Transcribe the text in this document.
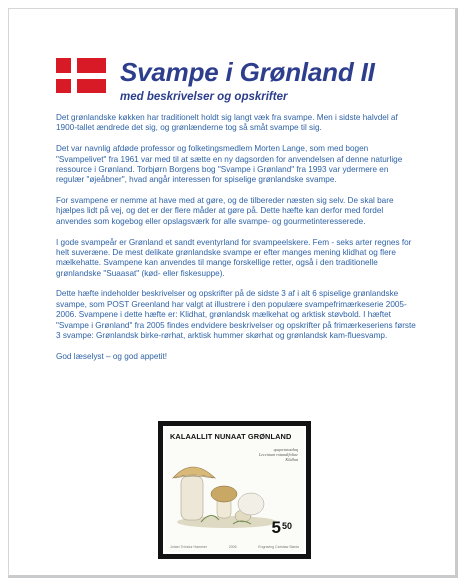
Svampe i Grønland II
med beskrivelser og opskrifter

Det grønlandske køkken har traditionelt holdt sig langt væk fra svampe. Men i sidste halvdel af 1900-tallet ændrede det sig, og grønlænderne tog så småt svampe til sig.

Det var navnlig afdøde professor og folketingsmedlem Morten Lange, som med bogen "Svampelivet" fra 1961 var med til at sætte en ny dagsorden for anvendelsen af denne naturlige ressource i Grønland. Torbjørn Borgens bog "Svampe i Grønland" fra 1993 var ydermere en regulær "øjeåbner", hvad angår interessen for spiselige grønlandske svampe.

For svampene er nemme at have med at gøre, og de tilbereder næsten sig selv. De skal bare hjælpes lidt på vej, og det er der flere måder at gøre på. Dette hæfte kan derfor med fordel anvendes som kogebog eller opslagsværk for alle svampe- og gourmetinteresserede.

I gode svampeår er Grønland et sandt eventyrland for svampeelskere. Fem - seks arter regnes for helt suveræne. De mest delikate grønlandske svampe er efter manges mening klidhat og flere mælkehatte. Svampene kan anvendes til mange forskellige retter, også i den traditionelle grønlandske "Suaasat" (kød- eller fiskesuppe).

Dette hæfte indeholder beskrivelser og opskrifter på de sidste 3 af i alt 6 spiselige grønlandske svampe, som POST Greenland har valgt at illustrere i den populære svampefrimærkeserie 2005-2006. Svampene i dette hæfte er: Klidhat, grønlandsk mælkehat og arktisk støvbold. I hæftet "Svampe i Grønland" fra 2005 findes endvidere beskrivelser og opskrifter på frimærkeseriens første 3 svampe: Grønlandsk birke-rørhat, arktisk hummer skørhat og grønlandsk kam-fluesvamp.

God læselyst – og god appetit!

KALAALLIT NUNAAT GRØNLAND
qaqortaraalaq
Leccinum rotundifoliae
Klidhat
$5^{50}$
Johan Tróndur Hammer	2006	Engraving Czesław Słania
